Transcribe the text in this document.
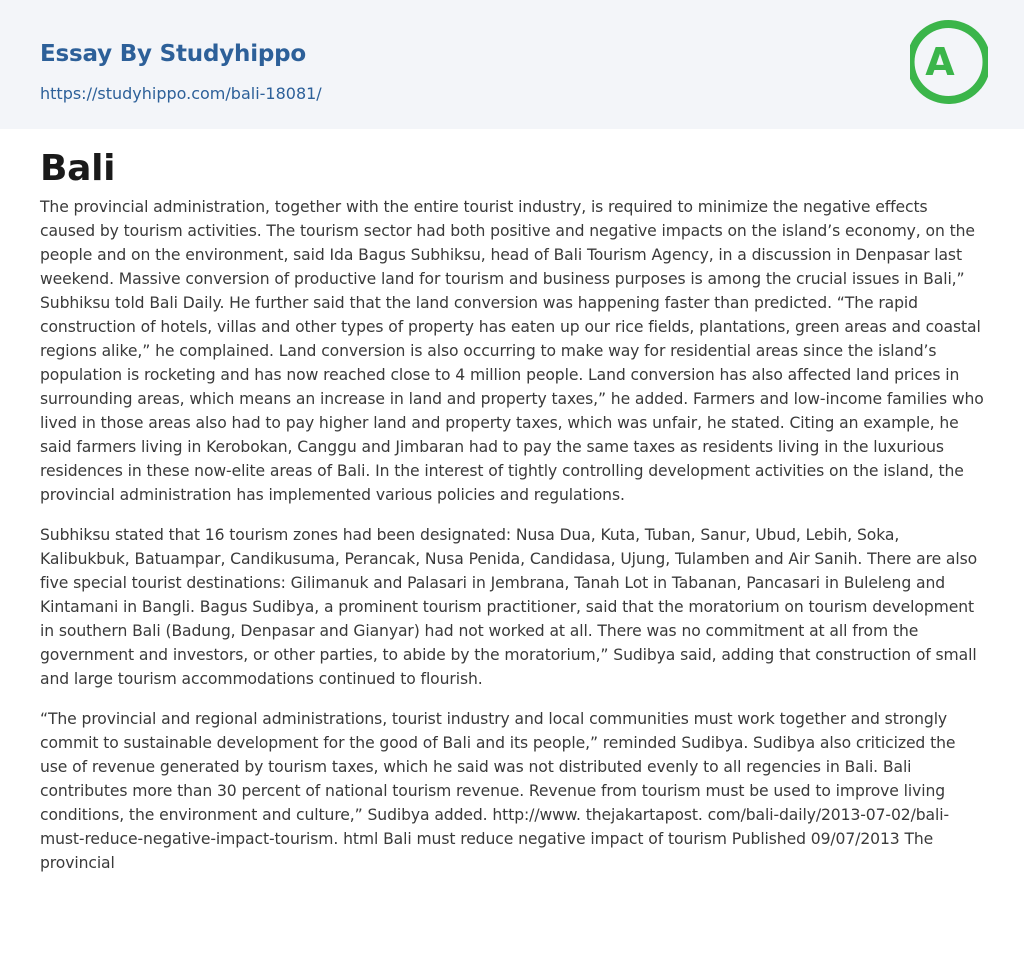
Essay By Studyhippo
https://studyhippo.com/bali-18081/
A
Bali

The provincial administration, together with the entire tourist industry, is required to minimize the negative effects caused by tourism activities. The tourism sector had both positive and negative impacts on the island’s economy, on the people and on the environment, said Ida Bagus Subhiksu, head of Bali Tourism Agency, in a discussion in Denpasar last weekend. Massive conversion of productive land for tourism and business purposes is among the crucial issues in Bali,” Subhiksu told Bali Daily. He further said that the land conversion was happening faster than predicted. “The rapid construction of hotels, villas and other types of property has eaten up our rice fields, plantations, green areas and coastal regions alike,” he complained. Land conversion is also occurring to make way for residential areas since the island’s population is rocketing and has now reached close to 4 million people. Land conversion has also affected land prices in surrounding areas, which means an increase in land and property taxes,” he added. Farmers and low-income families who lived in those areas also had to pay higher land and property taxes, which was unfair, he stated. Citing an example, he said farmers living in Kerobokan, Canggu and Jimbaran had to pay the same taxes as residents living in the luxurious residences in these now-elite areas of Bali. In the interest of tightly controlling development activities on the island, the provincial administration has implemented various policies and regulations.

Subhiksu stated that 16 tourism zones had been designated: Nusa Dua, Kuta, Tuban, Sanur, Ubud, Lebih, Soka, Kalibukbuk, Batuampar, Candikusuma, Perancak, Nusa Penida, Candidasa, Ujung, Tulamben and Air Sanih. There are also five special tourist destinations: Gilimanuk and Palasari in Jembrana, Tanah Lot in Tabanan, Pancasari in Buleleng and Kintamani in Bangli. Bagus Sudibya, a prominent tourism practitioner, said that the moratorium on tourism development in southern Bali (Badung, Denpasar and Gianyar) had not worked at all. There was no commitment at all from the government and investors, or other parties, to abide by the moratorium,” Sudibya said, adding that construction of small and large tourism accommodations continued to flourish.

“The provincial and regional administrations, tourist industry and local communities must work together and strongly commit to sustainable development for the good of Bali and its people,” reminded Sudibya. Sudibya also criticized the use of revenue generated by tourism taxes, which he said was not distributed evenly to all regencies in Bali. Bali contributes more than 30 percent of national tourism revenue. Revenue from tourism must be used to improve living conditions, the environment and culture,” Sudibya added. http://www. thejakartapost. com/bali-daily/2013-07-02/bali-must-reduce-negative-impact-tourism. html Bali must reduce negative impact of tourism Published 09/07/2013 The provincial
